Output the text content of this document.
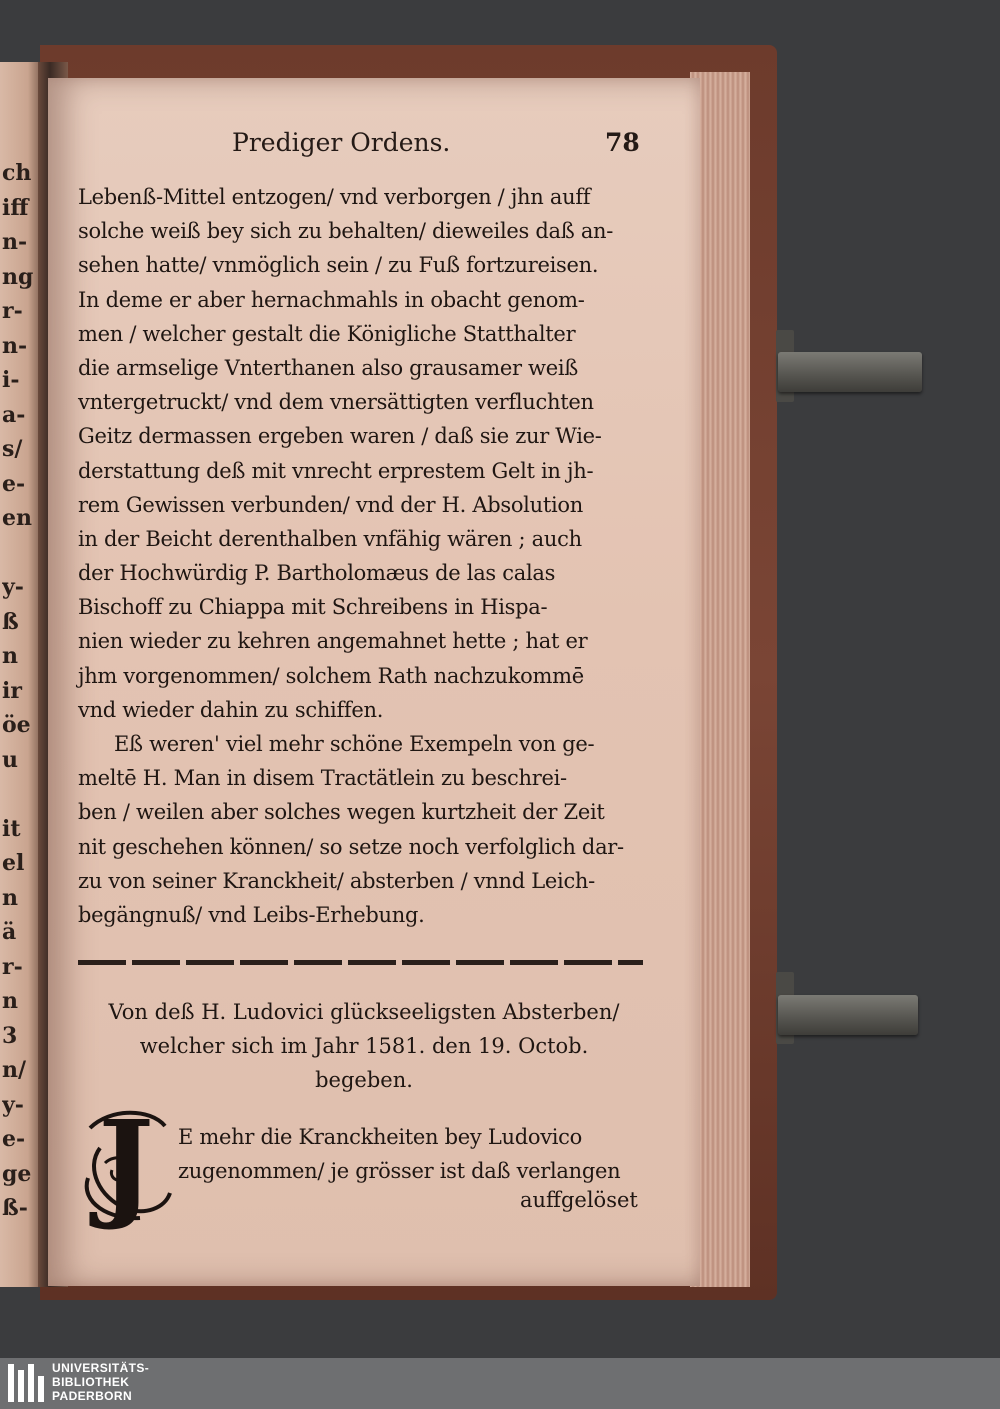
ch
iff
n‑
ng
r‑
n‑
i‑
a‑
s/
e‑
en
y‑
ß
n
ir
öe
u
it
el
n
ä
r‑
n
3
n/
y‑
e‑
ge
ß‑
Prediger Ordens.	78
Lebenß-Mittel entzogen/ vnd verborgen / jhn auff
solche weiß bey sich zu behalten/ dieweiles daß an-
sehen hatte/ vnmöglich sein / zu Fuß fortzureisen.
In deme er aber hernachmahls in obacht genom-
men / welcher gestalt die Königliche Statthalter
die armselige Vnterthanen also grausamer weiß
vntergetruckt/ vnd dem vnersättigten verfluchten
Geitz dermassen ergeben waren / daß sie zur Wie-
derstattung deß mit vnrecht erprestem Gelt in jh-
rem Gewissen verbunden/ vnd der H. Absolution
in der Beicht derenthalben vnfähig wären ; auch
der Hochwürdig P. Bartholomæus de las calas
Bischoff zu Chiappa mit Schreibens in Hispa-
nien wieder zu kehren angemahnet hette ; hat er
jhm vorgenommen/ solchem Rath nachzukommē
vnd wieder dahin zu schiffen.
Eß weren' viel mehr schöne Exempeln von ge-
meltē H. Man in disem Tractätlein zu beschrei-
ben / weilen aber solches wegen kurtzheit der Zeit
nit geschehen können/ so setze noch verfolglich dar-
zu von seiner Kranckheit/ absterben / vnnd Leich-
begängnuß/ vnd Leibs-Erhebung.
Von deß H. Ludovici glückseeligsten Absterben/
welcher sich im Jahr 1581. den 19. Octob.
begeben.
J	E mehr die Kranckheiten bey Ludovico
zugenommen/ je grösser ist daß verlangen
auffgelöset
UNIVERSITÄTS-
BIBLIOTHEK
PADERBORN
